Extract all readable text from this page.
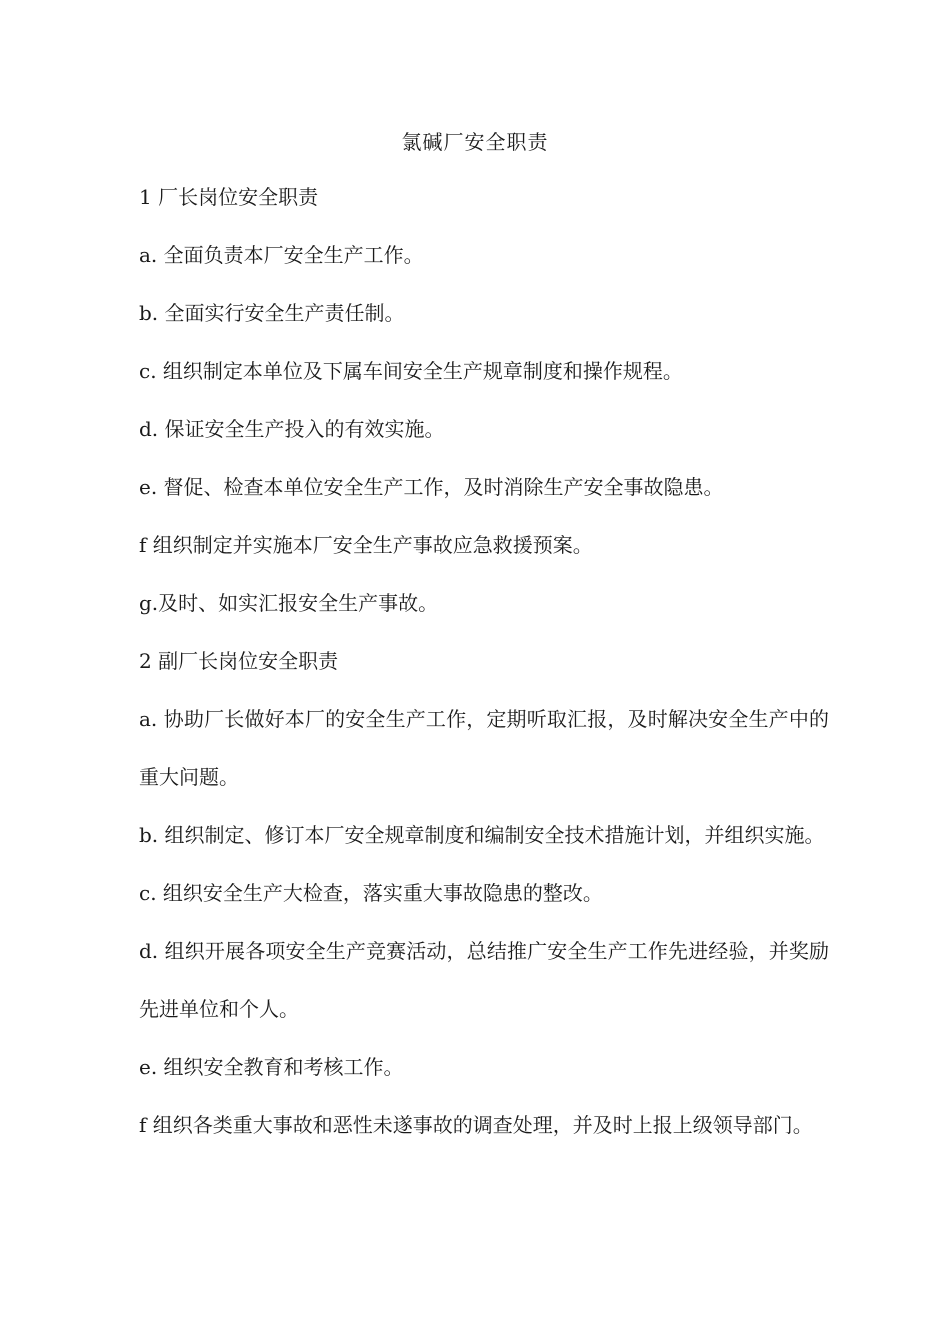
氯碱厂安全职责
1 厂长岗位安全职责
a. 全面负责本厂安全生产工作。
b. 全面实行安全生产责任制。
c. 组织制定本单位及下属车间安全生产规章制度和操作规程。
d. 保证安全生产投入的有效实施。
e. 督促、检查本单位安全生产工作，及时消除生产安全事故隐患。
f 组织制定并实施本厂安全生产事故应急救援预案。
g.及时、如实汇报安全生产事故。
2 副厂长岗位安全职责
a. 协助厂长做好本厂的安全生产工作，定期听取汇报，及时解决安全生产中的重大问题。
b. 组织制定、修订本厂安全规章制度和编制安全技术措施计划，并组织实施。
c. 组织安全生产大检查，落实重大事故隐患的整改。
d. 组织开展各项安全生产竞赛活动，总结推广安全生产工作先进经验，并奖励先进单位和个人。
e. 组织安全教育和考核工作。
f 组织各类重大事故和恶性未遂事故的调查处理，并及时上报上级领导部门。
